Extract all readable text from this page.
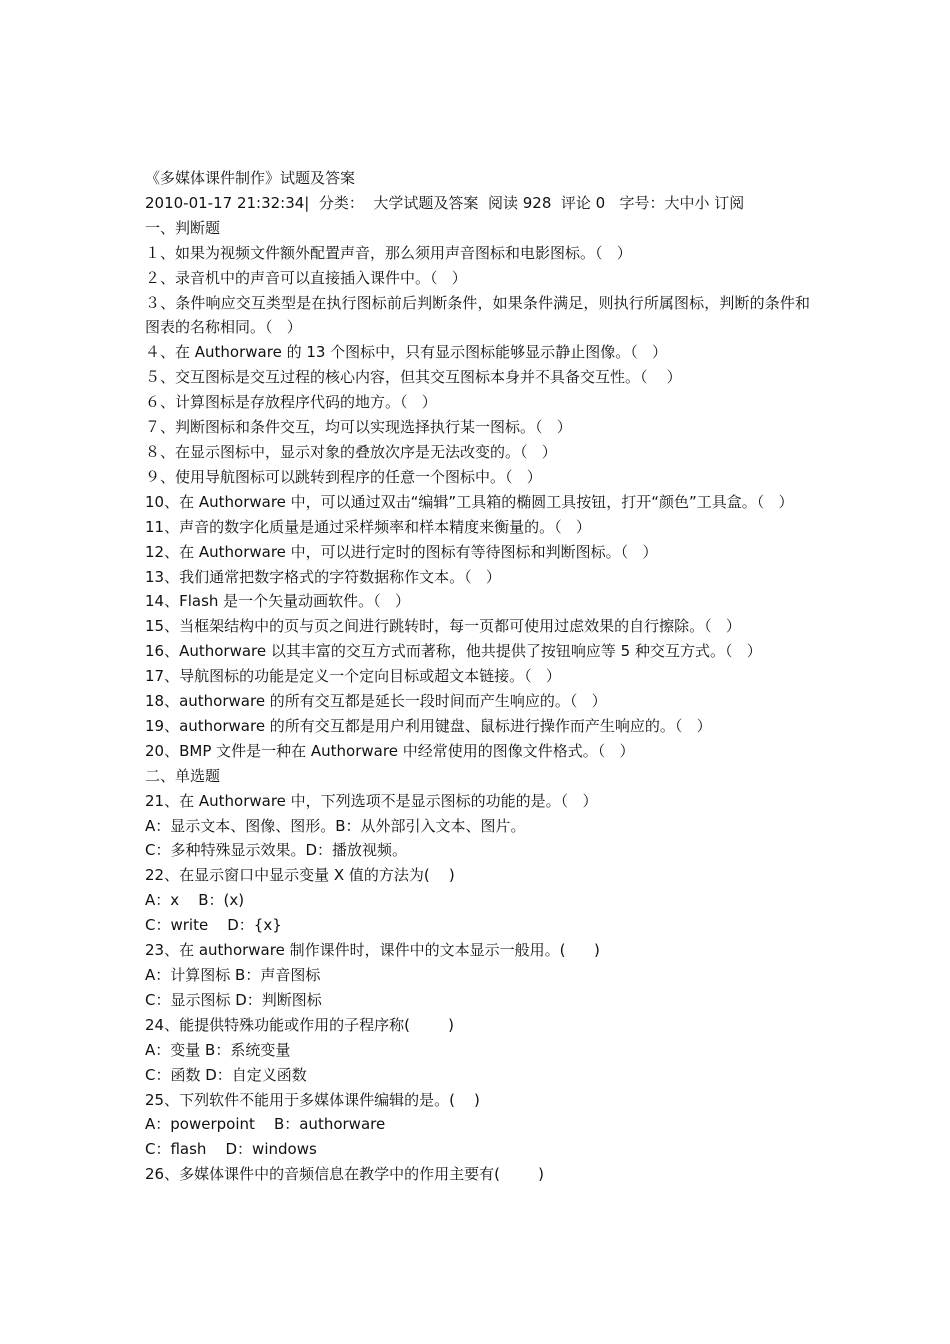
《多媒体课件制作》试题及答案

2010-01-17 21:32:34|  分类：  大学试题及答案  阅读 928  评论 0   字号：大中小 订阅

一、判断题

１、如果为视频文件额外配置声音，那么须用声音图标和电影图标。（   ）

２、录音机中的声音可以直接插入课件中。（   ）

３、条件响应交互类型是在执行图标前后判断条件，如果条件满足，则执行所属图标，判断的条件和图表的名称相同。（   ）

４、在 Authorware 的 13 个图标中，只有显示图标能够显示静止图像。（   ）

５、交互图标是交互过程的核心内容，但其交互图标本身并不具备交互性。（    ）

６、计算图标是存放程序代码的地方。（   ）

７、判断图标和条件交互，均可以实现选择执行某一图标。（   ）

８、在显示图标中，显示对象的叠放次序是无法改变的。（   ）

９、使用导航图标可以跳转到程序的任意一个图标中。（   ）

10、在 Authorware 中，可以通过双击“编辑”工具箱的椭圆工具按钮，打开“颜色”工具盒。（   ）

11、声音的数字化质量是通过采样频率和样本精度来衡量的。（   ）

12、在 Authorware 中，可以进行定时的图标有等待图标和判断图标。（   ）

13、我们通常把数字格式的字符数据称作文本。（   ）

14、Flash 是一个矢量动画软件。（   ）

15、当框架结构中的页与页之间进行跳转时，每一页都可使用过虑效果的自行擦除。（   ）

16、Authorware 以其丰富的交互方式而著称，他共提供了按钮响应等 5 种交互方式。（   ）

17、导航图标的功能是定义一个定向目标或超文本链接。（   ）

18、authorware 的所有交互都是延长一段时间而产生响应的。（   ）

19、authorware 的所有交互都是用户利用键盘、鼠标进行操作而产生响应的。（   ）

20、BMP 文件是一种在 Authorware 中经常使用的图像文件格式。（   ）

二、单选题

21、在 Authorware 中，下列选项不是显示图标的功能的是。（   ）

A：显示文本、图像、图形。B：从外部引入文本、图片。

C：多种特殊显示效果。D：播放视频。

22、在显示窗口中显示变量 X 值的方法为(    )

A：x    B：(x)

C：write    D：{x}

23、在 authorware 制作课件时，课件中的文本显示一般用。(      )

A：计算图标 B：声音图标

C：显示图标 D：判断图标

24、能提供特殊功能或作用的子程序称(        )

A：变量 B：系统变量

C：函数 D：自定义函数

25、下列软件不能用于多媒体课件编辑的是。(    )

A：powerpoint    B：authorware

C：flash    D：windows

26、多媒体课件中的音频信息在教学中的作用主要有(        )
